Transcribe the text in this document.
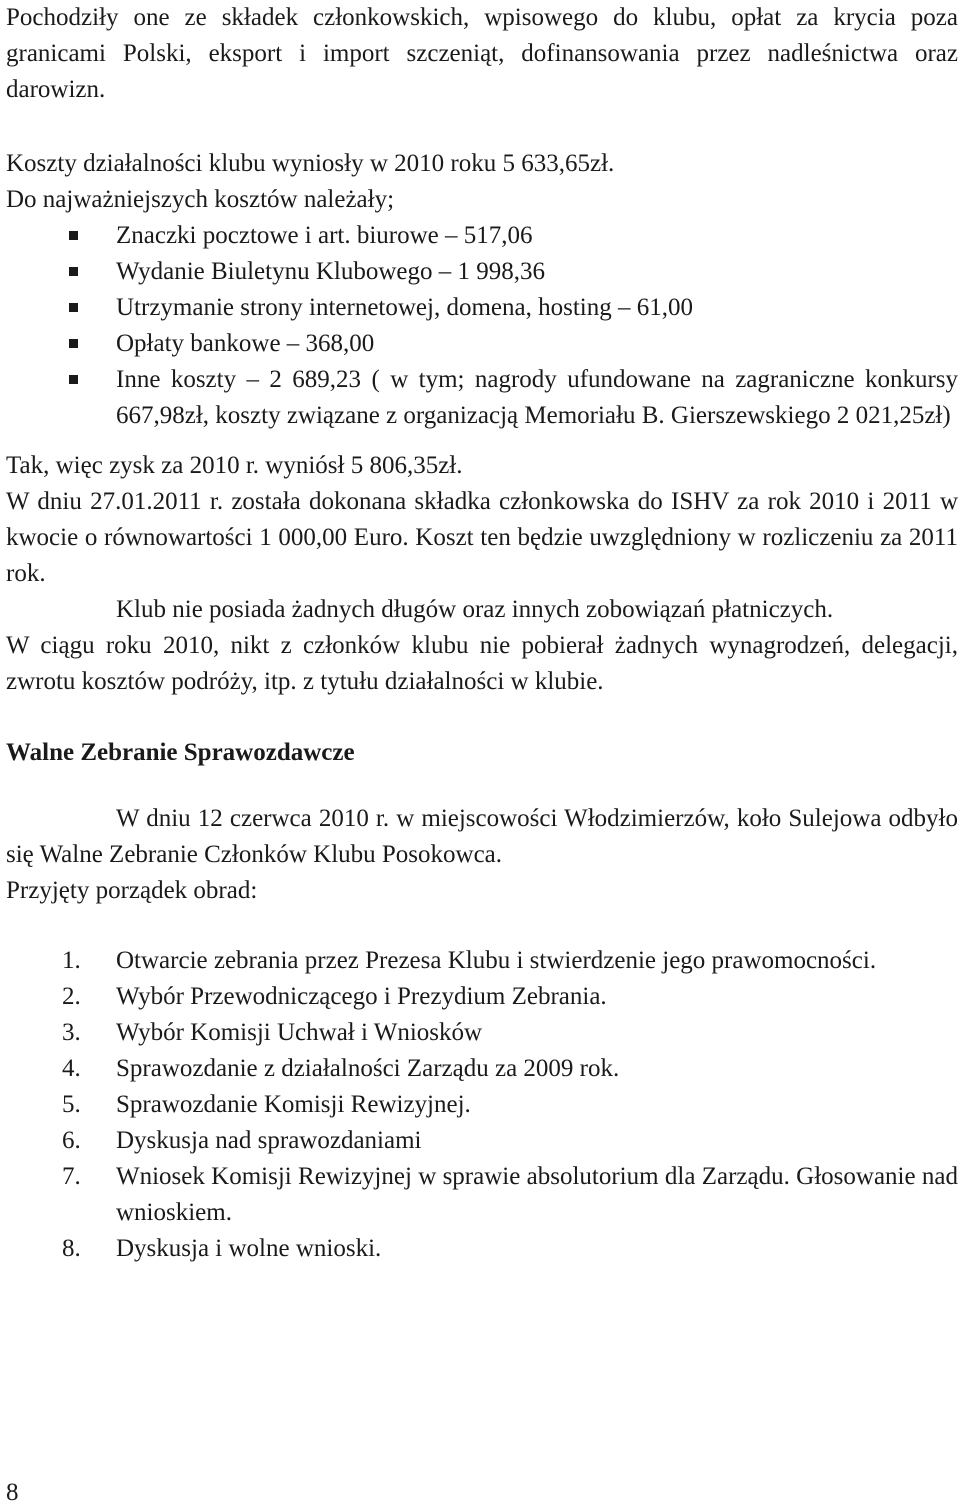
Pochodziły one ze składek członkowskich, wpisowego do klubu, opłat za krycia poza granicami Polski, eksport i import szczeniąt, dofinansowania przez nadleśnictwa oraz darowizn.

Koszty działalności klubu wyniosły w 2010 roku 5 633,65zł.

Do najważniejszych kosztów należały;

Znaczki pocztowe i art. biurowe – 517,06
Wydanie Biuletynu Klubowego – 1 998,36
Utrzymanie strony internetowej, domena, hosting – 61,00
Opłaty bankowe – 368,00
Inne koszty – 2 689,23 ( w tym; nagrody ufundowane na zagraniczne konkursy 667,98zł, koszty związane z organizacją Memoriału B. Gierszewskiego 2 021,25zł)

Tak, więc zysk za 2010 r. wyniósł 5 806,35zł.

W dniu 27.01.2011 r. została dokonana składka członkowska do ISHV za rok 2010 i 2011 w kwocie o równowartości 1 000,00 Euro. Koszt ten będzie uwzględniony w rozliczeniu za 2011 rok.

Klub nie posiada żadnych długów oraz innych zobowiązań płatniczych.

W ciągu roku 2010, nikt z członków klubu nie pobierał żadnych wynagrodzeń, delegacji, zwrotu kosztów podróży, itp. z tytułu działalności w klubie.

Walne Zebranie Sprawozdawcze

W dniu 12 czerwca 2010 r. w miejscowości Włodzimierzów, koło Sulejowa odbyło się Walne Zebranie Członków Klubu Posokowca.

Przyjęty porządek obrad:

1. Otwarcie zebrania przez Prezesa Klubu i stwierdzenie jego prawomocności.
2. Wybór Przewodniczącego i Prezydium Zebrania.
3. Wybór Komisji Uchwał i Wniosków
4. Sprawozdanie z działalności Zarządu za 2009 rok.
5. Sprawozdanie Komisji Rewizyjnej.
6. Dyskusja nad sprawozdaniami
7. Wniosek Komisji Rewizyjnej w sprawie absolutorium dla Zarządu. Głosowanie nad wnioskiem.
8. Dyskusja i wolne wnioski.
8
